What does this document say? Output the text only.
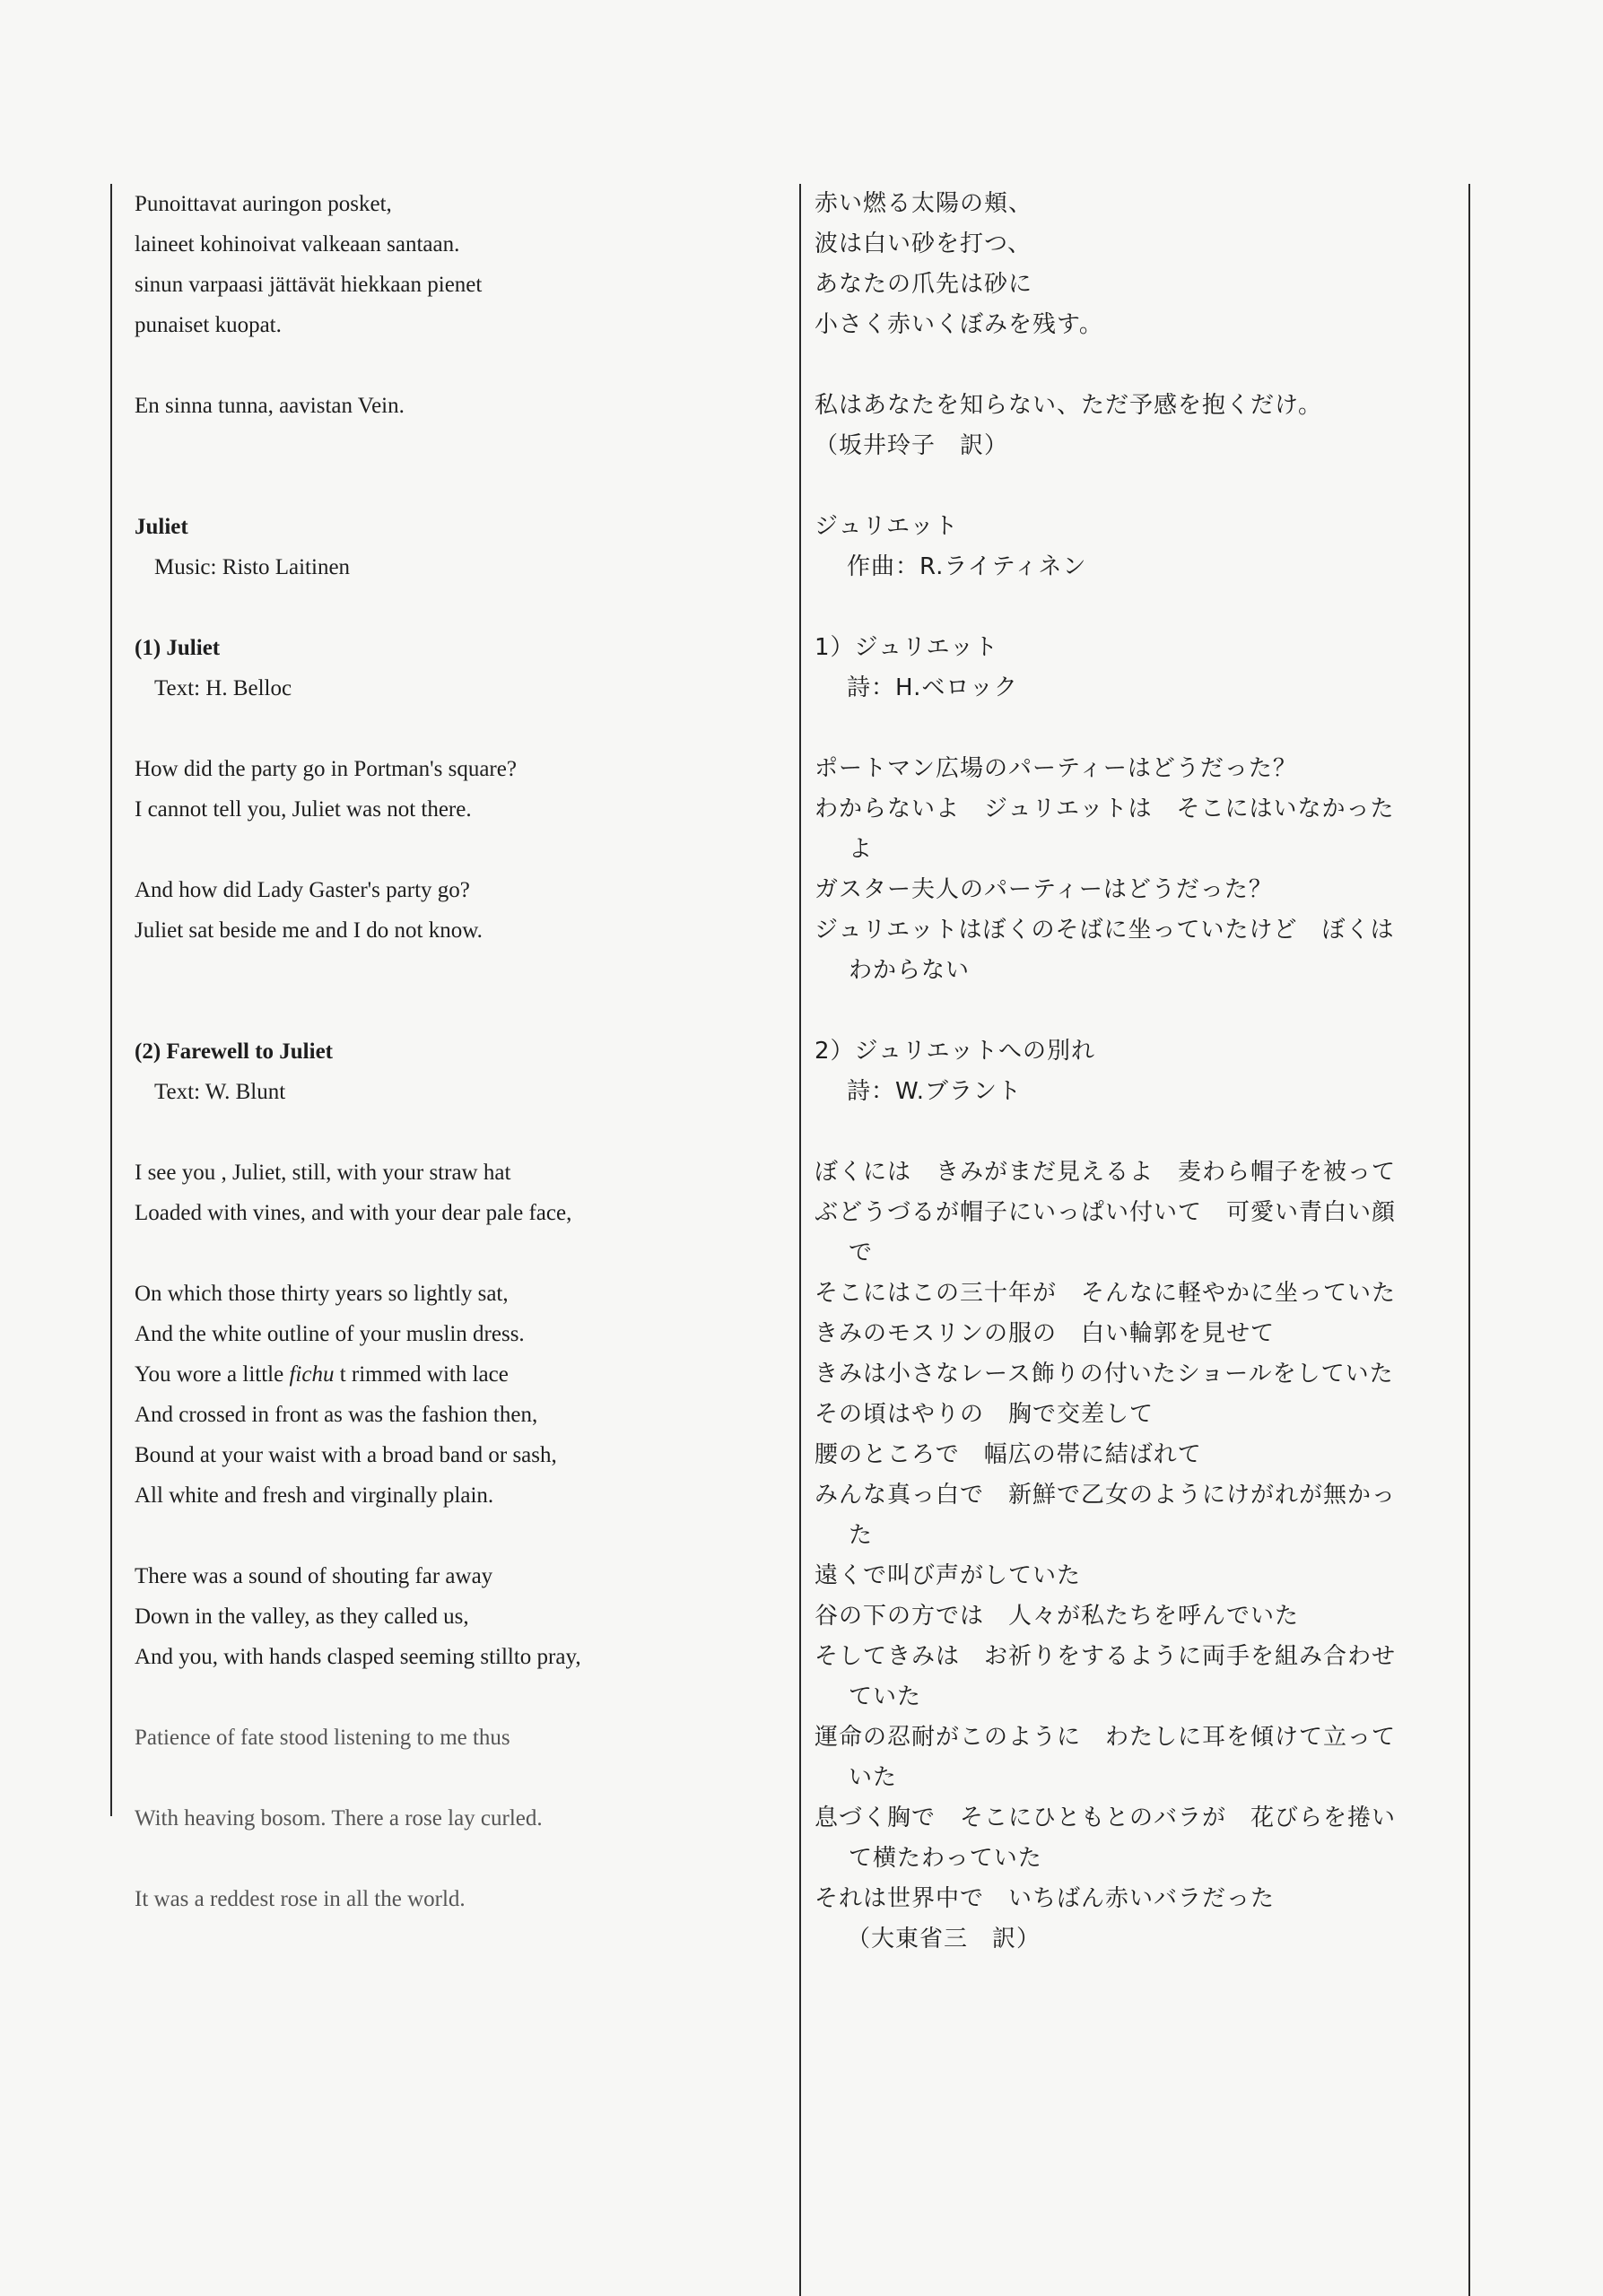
Punoittavat auringon posket,

laineet kohinoivat valkeaan santaan.

sinun varpaasi jättävät hiekkaan pienet

punaiset kuopat.

En sinna tunna, aavistan Vein.

Juliet

Music: Risto Laitinen

(1) Juliet

Text: H. Belloc

How did the party go in Portman's square?

I cannot tell you, Juliet was not there.

And how did Lady Gaster's party go?

Juliet sat beside me and I do not know.

(2) Farewell to Juliet

Text: W. Blunt

I see you , Juliet, still, with your straw hat

Loaded with vines, and with your dear pale face,

On which those thirty years so lightly sat,

And the white outline of your muslin dress.

You wore a little fichu t rimmed with lace

And crossed in front as was the fashion then,

Bound at your waist with a broad band or sash,

All white and fresh and virginally plain.

There was a sound of shouting far away

Down in the valley, as they called us,

And you, with hands clasped seeming stillto pray,

Patience of fate stood listening to me thus

With heaving bosom. There a rose lay curled.

It was a reddest rose in all the world.

赤い燃る太陽の頬、

波は白い砂を打つ、

あなたの爪先は砂に

小さく赤いくぼみを残す。

私はあなたを知らない、ただ予感を抱くだけ。

（坂井玲子　訳）

ジュリエット

作曲：R.ライティネン

1）ジュリエット

詩：H.ベロック

ポートマン広場のパーティーはどうだった？

わからないよ　ジュリエットは　そこにはいなかった

よ

ガスター夫人のパーティーはどうだった？

ジュリエットはぼくのそばに坐っていたけど　ぼくは

わからない

2）ジュリエットへの別れ

詩：W.ブラント

ぼくには　きみがまだ見えるよ　麦わら帽子を被って

ぶどうづるが帽子にいっぱい付いて　可愛い青白い顔

で

そこにはこの三十年が　そんなに軽やかに坐っていた

きみのモスリンの服の　白い輪郭を見せて

きみは小さなレース飾りの付いたショールをしていた

その頃はやりの　胸で交差して

腰のところで　幅広の帯に結ばれて

みんな真っ白で　新鮮で乙女のようにけがれが無かっ

た

遠くで叫び声がしていた

谷の下の方では　人々が私たちを呼んでいた

そしてきみは　お祈りをするように両手を組み合わせ

ていた

運命の忍耐がこのように　わたしに耳を傾けて立って

いた

息づく胸で　そこにひともとのバラが　花びらを捲い

て横たわっていた

それは世界中で　いちばん赤いバラだった

（大東省三　訳）
